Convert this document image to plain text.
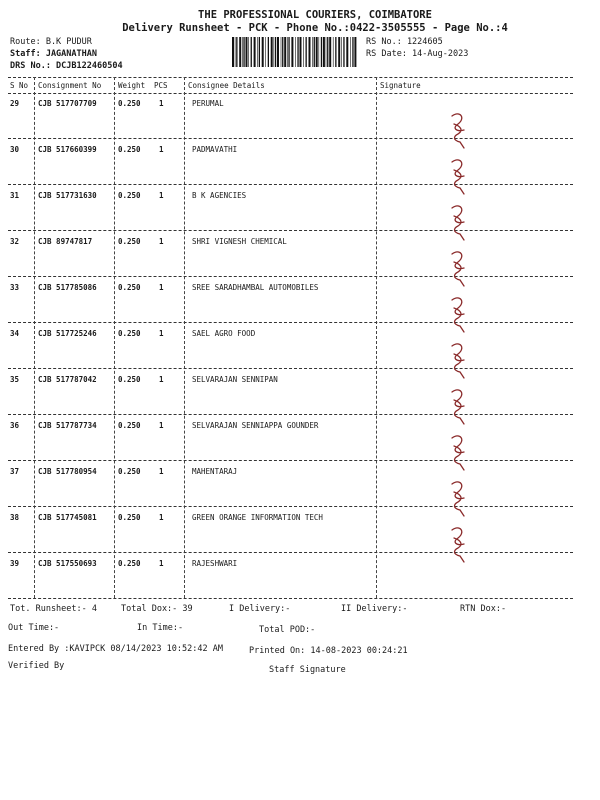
THE PROFESSIONAL COURIERS, COIMBATORE
Delivery Runsheet - PCK - Phone No.:0422-3505555 - Page No.:4
Route: B.K PUDUR
Staff: JAGANATHAN
DRS No.: DCJB122460504
RS No.: 1224605
RS Date: 14-Aug-2023
S No Consignment No Weight PCS	Consignee Details	Signature
29	CJB 517707709	0.250 1	PERUMAL
30	CJB 517660399	0.250 1	PADMAVATHI
31	CJB 517731630	0.250 1	B K AGENCIES
32	CJB 89747817	0.250 1	SHRI VIGNESH CHEMICAL
33	CJB 517785086	0.250 1	SREE SARADHAMBAL AUTOMOBILES
34	CJB 517725246	0.250 1	SAEL AGRO FOOD
35	CJB 517787042	0.250 1	SELVARAJAN SENNIPAN
36	CJB 517787734	0.250 1	SELVARAJAN SENNIAPPA GOUNDER
37	CJB 517780954	0.250 1	MAHENTARAJ
38	CJB 517745081	0.250 1	GREEN ORANGE INFORMATION TECH
39	CJB 517550693	0.250 1	RAJESHWARI
Tot. Runsheet:- 4	Total Dox:- 39	I Delivery:-	II Delivery:-	RTN Dox:-
Out Time:-	In Time:-	Total POD:-
Entered By :KAVIPCK 08/14/2023 10:52:42 AM	Printed On: 14-08-2023 00:24:21
Verified By	Staff Signature
